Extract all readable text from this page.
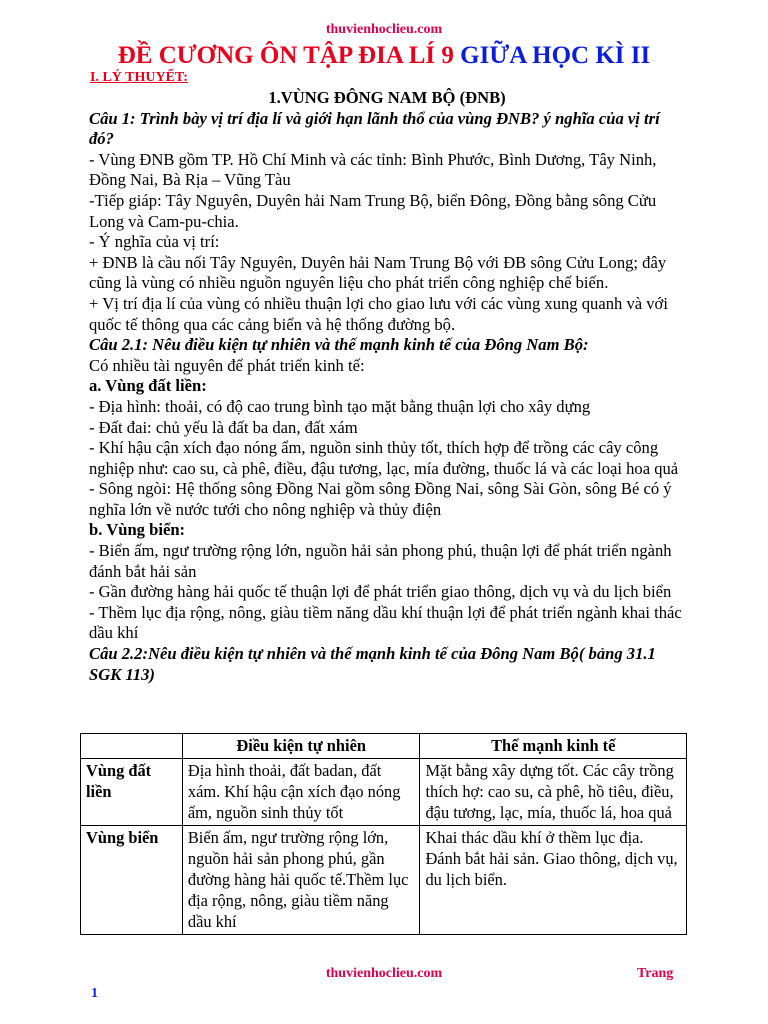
thuvienhoclieu.com
ĐỀ CƯƠNG ÔN TẬP ĐIA LÍ 9 GIỮA HỌC KÌ II
I. LÝ THUYẾT:

1.VÙNG ĐÔNG NAM BỘ (ĐNB)

Câu 1: Trình bày vị trí địa lí và giới hạn lãnh thổ của vùng ĐNB? ý nghĩa của vị trí đó?

- Vùng ĐNB gồm TP. Hồ Chí Minh và các tỉnh: Bình Phước, Bình Dương, Tây Ninh, Đồng Nai, Bà Rịa – Vũng Tàu

-Tiếp giáp: Tây Nguyên, Duyên hải Nam Trung Bộ, biển Đông, Đồng bằng sông Cửu Long và Cam-pu-chia.

- Ý nghĩa của vị trí:

+ ĐNB là cầu nối Tây Nguyên, Duyên hải Nam Trung Bộ với ĐB sông Cửu Long; đây cũng là vùng có nhiều nguồn nguyên liệu cho phát triển công nghiệp chế biến.

+ Vị trí địa lí của vùng có nhiều thuận lợi cho giao lưu với các vùng xung quanh và với quốc tế thông qua các cảng biển và hệ thống đường bộ.

Câu 2.1: Nêu điều kiện tự nhiên và thế mạnh kinh tế của Đông Nam Bộ:

Có nhiều tài nguyên để phát triển kinh tế:

a. Vùng đất liền:

- Địa hình: thoải, có độ cao trung bình tạo mặt bằng thuận lợi cho xây dựng

- Đất đai: chủ yếu là đất ba dan, đất xám

- Khí hậu cận xích đạo nóng ẩm, nguồn sinh thủy tốt, thích hợp để trồng các cây công nghiệp như: cao su, cà phê, điều, đậu tương, lạc, mía đường, thuốc lá và các loại hoa quả

- Sông ngòi: Hệ thống sông Đồng Nai gồm sông Đồng Nai, sông Sài Gòn, sông Bé có ý nghĩa lớn về nước tưới cho nông nghiệp và thủy điện

b. Vùng biển:

- Biển ấm, ngư trường rộng lớn, nguồn hải sản phong phú, thuận lợi để phát triển ngành đánh bắt hải sản

- Gần đường hàng hải quốc tế thuận lợi để phát triển giao thông, dịch vụ và du lịch biển

- Thềm lục địa rộng, nông, giàu tiềm năng dầu khí thuận lợi để phát triển ngành khai thác dầu khí

Câu 2.2:Nêu điều kiện tự nhiên và thế mạnh kinh tế của Đông Nam Bộ( bảng 31.1 SGK 113)

	Điều kiện tự nhiên	Thế mạnh kinh tế
Vùng đất liền	Địa hình thoải, đất badan, đất xám. Khí hậu cận xích đạo nóng ẩm, nguồn sinh thủy tốt	Mặt bằng xây dựng tốt. Các cây trồng thích hợ: cao su, cà phê, hồ tiêu, điều, đậu tương, lạc, mía, thuốc lá, hoa quả
Vùng biển	Biển ấm, ngư trường rộng lớn, nguồn hải sản phong phú, gần đường hàng hải quốc tế.Thềm lục địa rộng, nông, giàu tiềm năng dầu khí	Khai thác dầu khí ở thềm lục địa. Đánh bắt hải sản. Giao thông, dịch vụ, du lịch biển.
thuvienhoclieu.com	Trang
1
